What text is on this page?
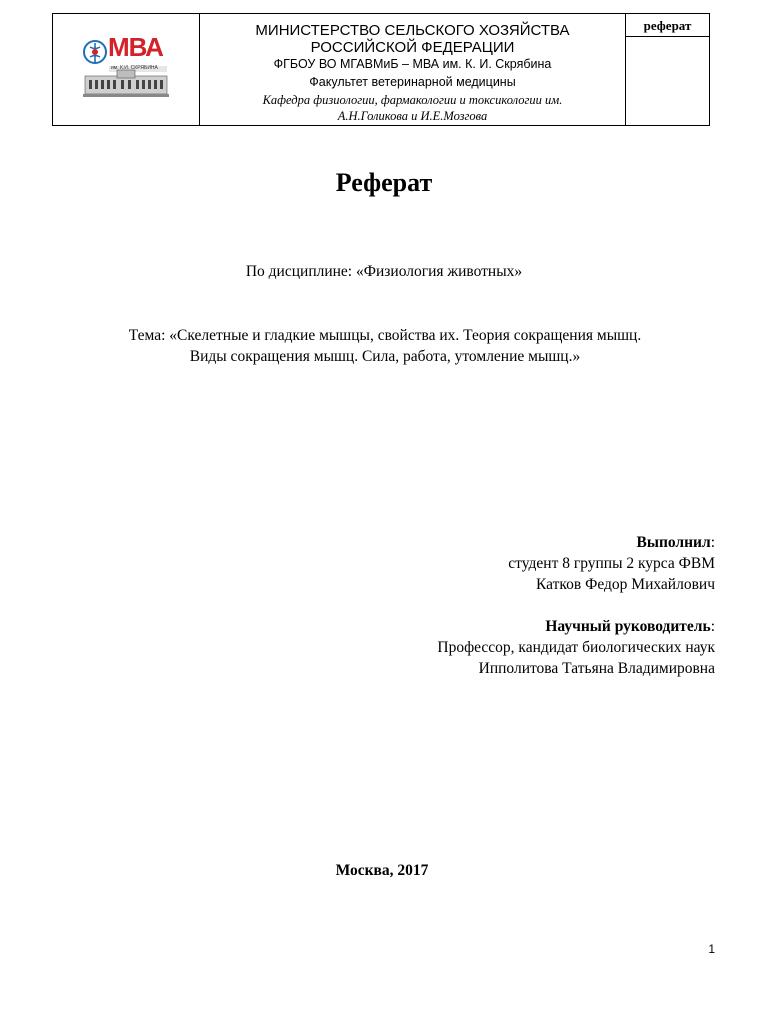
МВА
им. К.И. СКРЯБИНА
МИНИСТЕРСТВО СЕЛЬСКОГО ХОЗЯЙСТВА
РОССИЙСКОЙ ФЕДЕРАЦИИ
ФГБОУ ВО МГАВМиБ – МВА им. К. И. Скрябина
Факультет ветеринарной медицины
Кафедра физиологии, фармакологии и токсикологии им.
А.Н.Голикова и И.Е.Мозгова
реферат
Реферат
По дисциплине: «Физиология животных»
Тема: «Скелетные и гладкие мышцы, свойства их. Теория сокращения мышц.
Виды сокращения мышц. Сила, работа, утомление мышц.»
Выполнил:
студент 8 группы 2 курса ФВМ
Катков Федор Михайлович
Научный руководитель:
Профессор, кандидат биологических наук
Ипполитова Татьяна Владимировна
Москва, 2017
1
